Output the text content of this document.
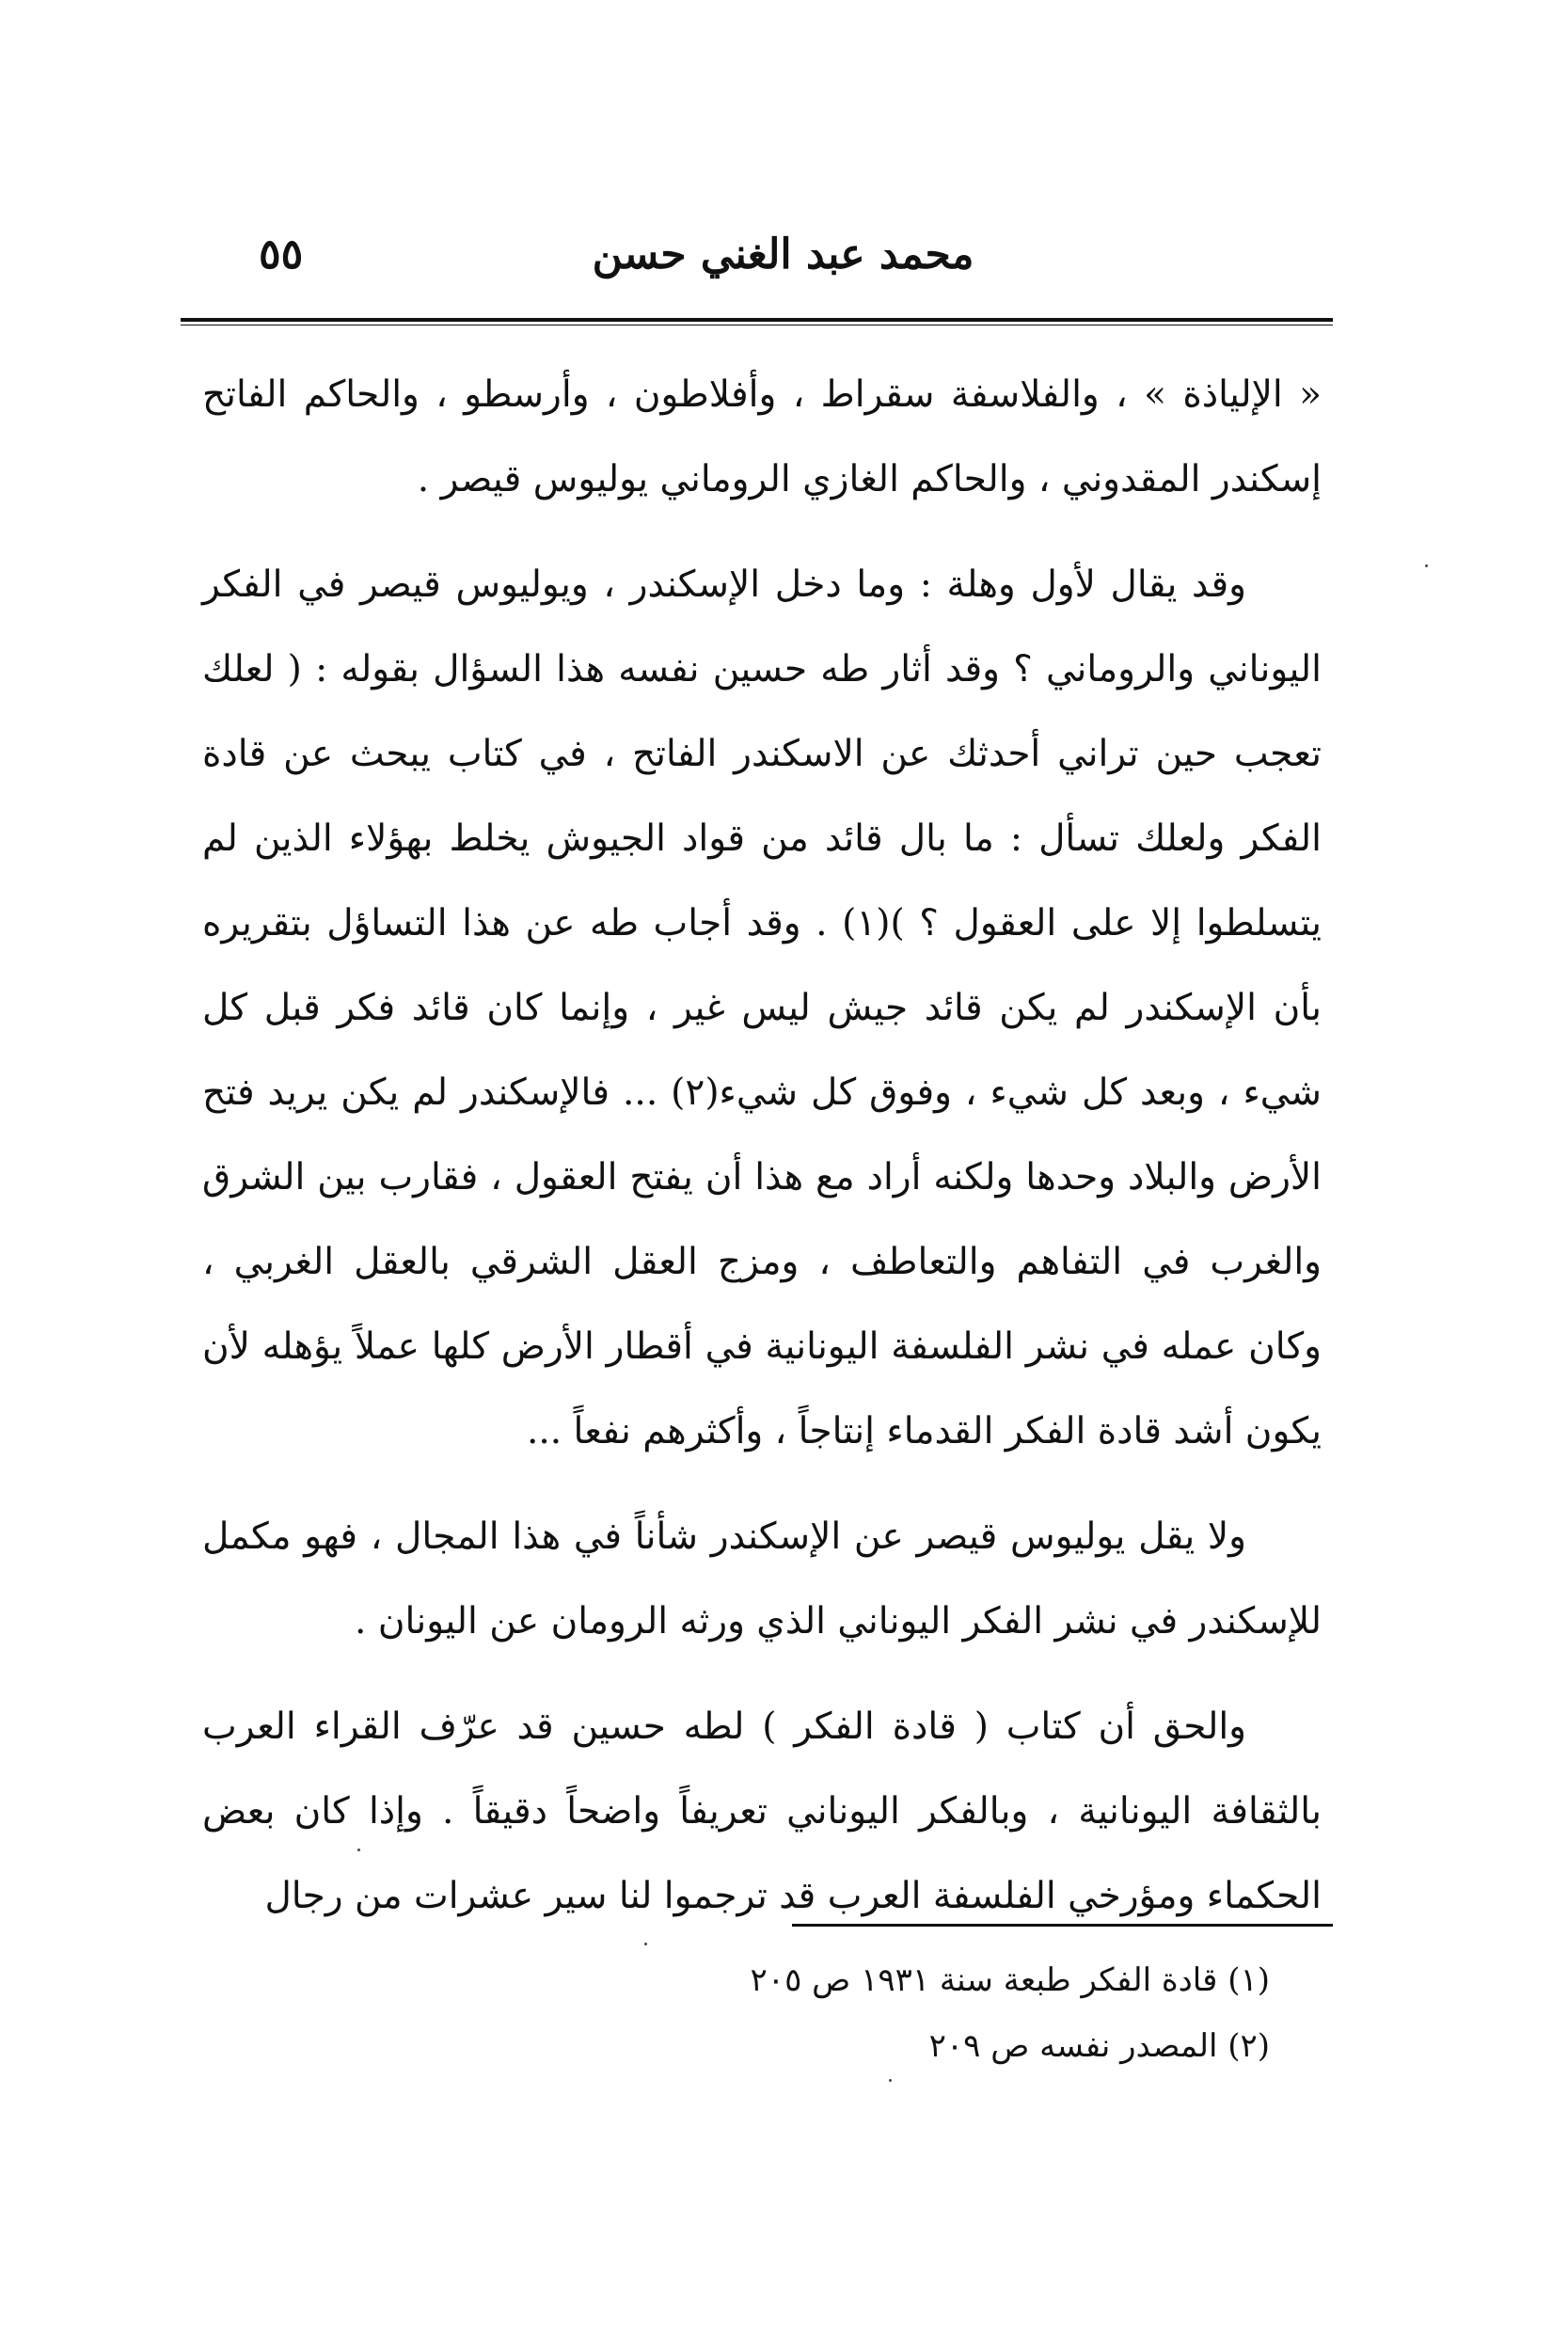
محمد عبد الغني حسن
٥٥

« الإلياذة » ، والفلاسفة سقراط ، وأفلاطون ، وأرسطو ، والحاكم الفاتح إسكندر المقدوني ، والحاكم الغازي الروماني يوليوس قيصر .

وقد يقال لأول وهلة : وما دخل الإسكندر ، ويوليوس قيصر في الفكر اليوناني والروماني ؟ وقد أثار طه حسين نفسه هذا السؤال بقوله : ( لعلك تعجب حين تراني أحدثك عن الاسكندر الفاتح ، في كتاب يبحث عن قادة الفكر ولعلك تسأل : ما بال قائد من قواد الجيوش يخلط بهؤلاء الذين لم يتسلطوا إلا على العقول ؟ )(١) . وقد أجاب طه عن هذا التساؤل بتقريره بأن الإسكندر لم يكن قائد جيش ليس غير ، وإنما كان قائد فكر قبل كل شيء ، وبعد كل شيء ، وفوق كل شيء(٢) ... فالإسكندر لم يكن يريد فتح الأرض والبلاد وحدها ولكنه أراد مع هذا أن يفتح العقول ، فقارب بين الشرق والغرب في التفاهم والتعاطف ، ومزج العقل الشرقي بالعقل الغربي ، وكان عمله في نشر الفلسفة اليونانية في أقطار الأرض كلها عملاً يؤهله لأن يكون أشد قادة الفكر القدماء إنتاجاً ، وأكثرهم نفعاً ...

ولا يقل يوليوس قيصر عن الإسكندر شأناً في هذا المجال ، فهو مكمل للإسكندر في نشر الفكر اليوناني الذي ورثه الرومان عن اليونان .

والحق أن كتاب ( قادة الفكر ) لطه حسين قد عرّف القراء العرب بالثقافة اليونانية ، وبالفكر اليوناني تعريفاً واضحاً دقيقاً . وإذا كان بعض الحكماء ومؤرخي الفلسفة العرب قد ترجموا لنا سير عشرات من رجال

(١) قادة الفكر طبعة سنة ١٩٣١ ص ٢٠٥
(٢) المصدر نفسه ص ٢٠٩
